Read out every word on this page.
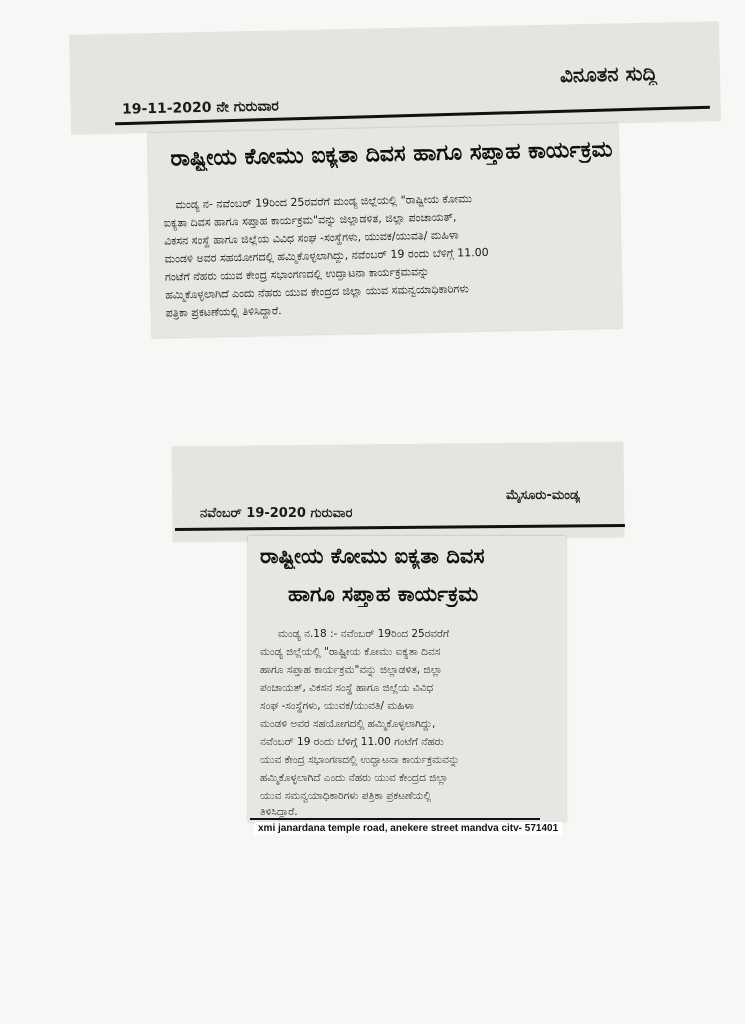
ವಿನೂತನ ಸುದ್ದಿ
19-11-2020 ನೇ ಗುರುವಾರ
ರಾಷ್ಟ್ರೀಯ ಕೋಮು ಐಕ್ಯತಾ ದಿವಸ ಹಾಗೂ ಸಪ್ತಾಹ ಕಾರ್ಯಕ್ರಮ
ಮಂಡ್ಯ ನ- ನವೆಂಬರ್ 19ರಿಂದ 25ರವರೆಗೆ ಮಂಡ್ಯ ಜಿಲ್ಲೆಯಲ್ಲಿ "ರಾಷ್ಟ್ರೀಯ ಕೋಮು
ಐಕ್ಯತಾ ದಿವಸ ಹಾಗೂ ಸಪ್ತಾಹ ಕಾರ್ಯಕ್ರಮ"ವನ್ನು ಜಿಲ್ಲಾಡಳಿತ, ಜಿಲ್ಲಾ ಪಂಚಾಯತ್,
ವಿಕಸನ ಸಂಸ್ಥೆ ಹಾಗೂ ಜಿಲ್ಲೆಯ ವಿವಿಧ ಸಂಘ -ಸಂಸ್ಥೆಗಳು, ಯುವಕ/ಯುವತಿ/ ಮಹಿಳಾ
ಮಂಡಳಿ ಅವರ ಸಹಯೋಗದಲ್ಲಿ ಹಮ್ಮಿಕೊಳ್ಳಲಾಗಿದ್ದು, ನವೆಂಬರ್ 19 ರಂದು ಬೆಳಿಗ್ಗೆ 11.00
ಗಂಟೆಗೆ ನೆಹರು ಯುವ ಕೇಂದ್ರ ಸಭಾಂಗಣದಲ್ಲಿ ಉದ್ಘಾಟನಾ ಕಾರ್ಯಕ್ರಮವನ್ನು
ಹಮ್ಮಿಕೊಳ್ಳಲಾಗಿದೆ ಎಂದು ನೆಹರು ಯುವ ಕೇಂದ್ರದ ಜಿಲ್ಲಾ ಯುವ ಸಮನ್ವಯಾಧಿಕಾರಿಗಳು
ಪತ್ರಿಕಾ ಪ್ರಕಟಣೆಯಲ್ಲಿ ತಿಳಿಸಿದ್ದಾರೆ.
ಮೈಸೂರು-ಮಂಡ್ಯ
ನವೆಂಬರ್ 19-2020 ಗುರುವಾರ
ರಾಷ್ಟ್ರೀಯ ಕೋಮು ಐಕ್ಯತಾ ದಿವಸ
ಹಾಗೂ ಸಪ್ತಾಹ ಕಾರ್ಯಕ್ರಮ
ಮಂಡ್ಯ ನ.18 :- ನವೆಂಬರ್ 19ರಿಂದ 25ರವರೆಗೆ
ಮಂಡ್ಯ ಜಿಲ್ಲೆಯಲ್ಲಿ "ರಾಷ್ಟ್ರೀಯ ಕೋಮು ಐಕ್ಯತಾ ದಿವಸ
ಹಾಗೂ ಸಪ್ತಾಹ ಕಾರ್ಯಕ್ರಮ"ವನ್ನು ಜಿಲ್ಲಾಡಳಿತ, ಜಿಲ್ಲಾ
ಪಂಚಾಯತ್, ವಿಕಸನ ಸಂಸ್ಥೆ ಹಾಗೂ ಜಿಲ್ಲೆಯ ವಿವಿಧ
ಸಂಘ -ಸಂಸ್ಥೆಗಳು, ಯುವಕ/ಯುವತಿ/ ಮಹಿಳಾ
ಮಂಡಳಿ ಅವರ ಸಹಯೋಗದಲ್ಲಿ ಹಮ್ಮಿಕೊಳ್ಳಲಾಗಿದ್ದು,
ನವೆಂಬರ್ 19 ರಂದು ಬೆಳಿಗ್ಗೆ 11.00 ಗಂಟೆಗೆ ನೆಹರು
ಯುವ ಕೇಂದ್ರ ಸಭಾಂಗಣದಲ್ಲಿ ಉದ್ಘಾಟನಾ ಕಾರ್ಯಕ್ರಮವನ್ನು
ಹಮ್ಮಿಕೊಳ್ಳಲಾಗಿದೆ ಎಂದು ನೆಹರು ಯುವ ಕೇಂದ್ರದ ಜಿಲ್ಲಾ
ಯುವ ಸಮನ್ವಯಾಧಿಕಾರಿಗಳು ಪತ್ರಿಕಾ ಪ್ರಕಟಣೆಯಲ್ಲಿ
ತಿಳಿಸಿದ್ದಾರೆ.
xmi janardana temple road, anekere street mandva citv- 571401
